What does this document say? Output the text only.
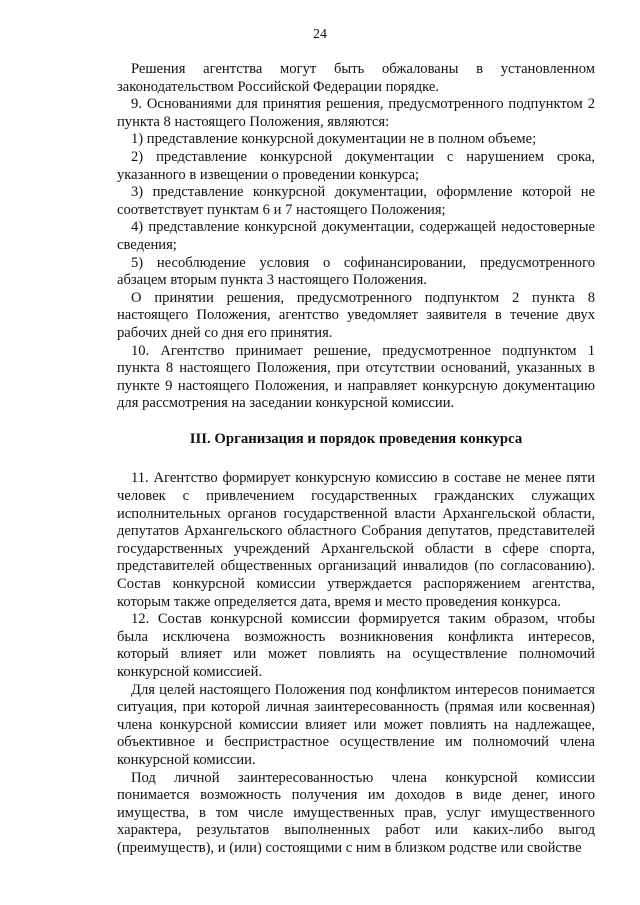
24

Решения агентства могут быть обжалованы в установленном законодательством Российской Федерации порядке.

9. Основаниями для принятия решения, предусмотренного подпунктом 2 пункта 8 настоящего Положения, являются:

1) представление конкурсной документации не в полном объеме;

2) представление конкурсной документации с нарушением срока, указанного в извещении о проведении конкурса;

3) представление конкурсной документации, оформление которой не соответствует пунктам 6 и 7 настоящего Положения;

4) представление конкурсной документации, содержащей недостоверные сведения;

5) несоблюдение условия о софинансировании, предусмотренного абзацем вторым пункта 3 настоящего Положения.

О принятии решения, предусмотренного подпунктом 2 пункта 8 настоящего Положения, агентство уведомляет заявителя в течение двух рабочих дней со дня его принятия.

10. Агентство принимает решение, предусмотренное подпунктом 1 пункта 8 настоящего Положения, при отсутствии оснований, указанных в пункте 9 настоящего Положения, и направляет конкурсную документацию для рассмотрения на заседании конкурсной комиссии.

III. Организация и порядок проведения конкурса

11. Агентство формирует конкурсную комиссию в составе не менее пяти человек с привлечением государственных гражданских служащих исполнительных органов государственной власти Архангельской области, депутатов Архангельского областного Собрания депутатов, представителей государственных учреждений Архангельской области в сфере спорта, представителей общественных организаций инвалидов (по согласованию). Состав конкурсной комиссии утверждается распоряжением агентства, которым также определяется дата, время и место проведения конкурса.

12. Состав конкурсной комиссии формируется таким образом, чтобы была исключена возможность возникновения конфликта интересов, который влияет или может повлиять на осуществление полномочий конкурсной комиссией.

Для целей настоящего Положения под конфликтом интересов понимается ситуация, при которой личная заинтересованность (прямая или косвенная) члена конкурсной комиссии влияет или может повлиять на надлежащее, объективное и беспристрастное осуществление им полномочий члена конкурсной комиссии.

Под личной заинтересованностью члена конкурсной комиссии понимается возможность получения им доходов в виде денег, иного имущества, в том числе имущественных прав, услуг имущественного характера, результатов выполненных работ или каких-либо выгод (преимуществ), и (или) состоящими с ним в близком родстве или свойстве
